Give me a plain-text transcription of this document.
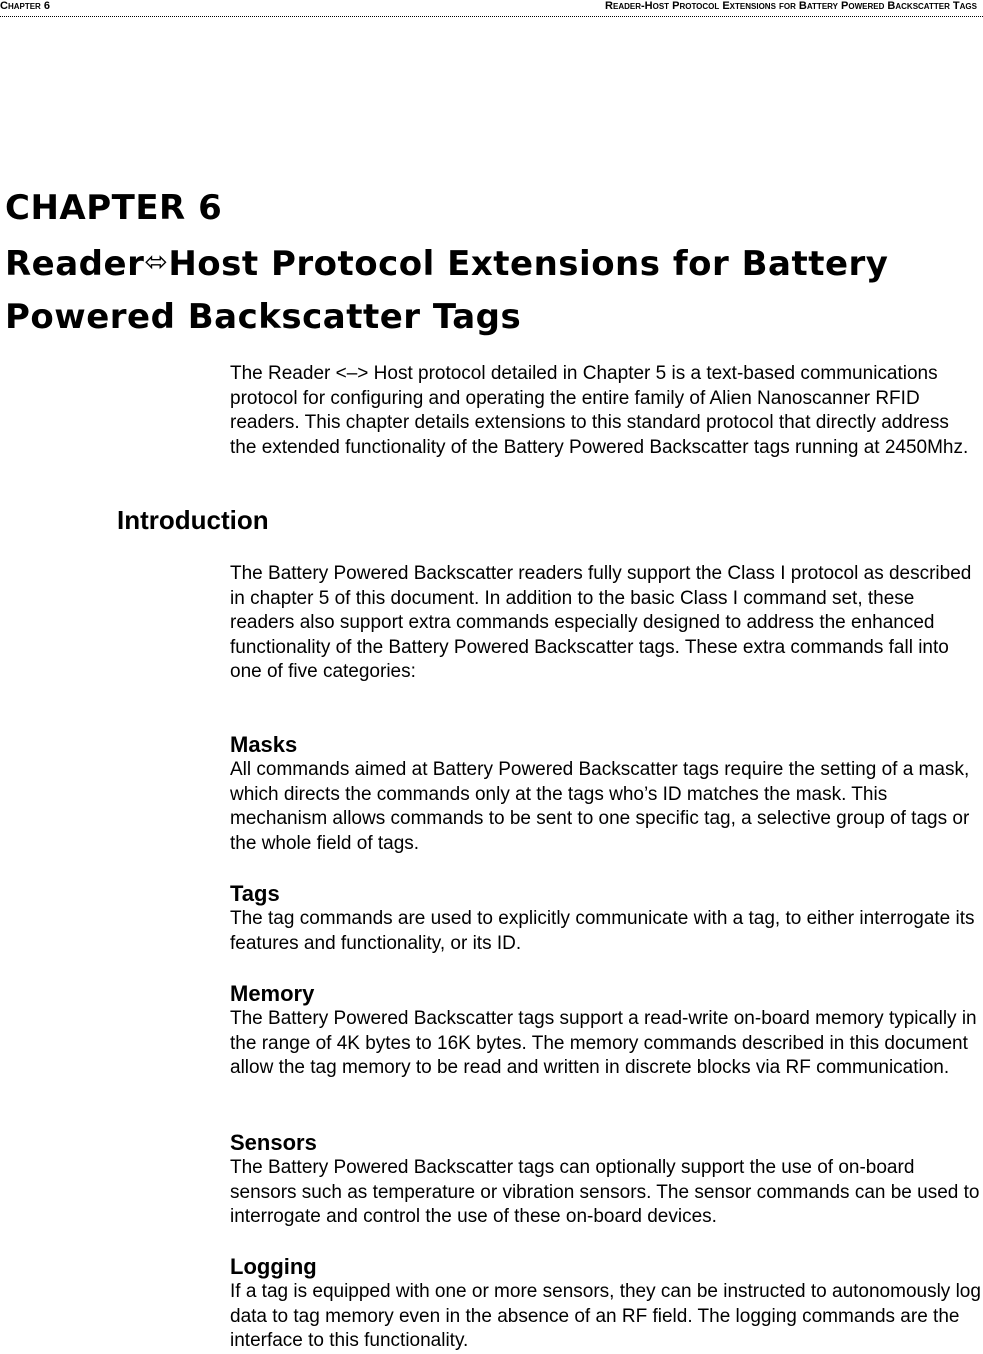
Chapter 6	Reader-Host Protocol Extensions for Battery Powered Backscatter Tags
CHAPTER 6
Reader⬄Host Protocol Extensions for Battery
Powered Backscatter Tags

The Reader <–> Host protocol detailed in Chapter 5 is a text-based communications protocol for configuring and operating the entire family of Alien Nanoscanner RFID readers. This chapter details extensions to this standard protocol that directly address the extended functionality of the Battery Powered Backscatter tags running at 2450Mhz.

Introduction

The Battery Powered Backscatter readers fully support the Class I protocol as described in chapter 5 of this document. In addition to the basic Class I command set, these readers also support extra commands especially designed to address the enhanced functionality of the Battery Powered Backscatter tags. These extra commands fall into one of five categories:

Masks

All commands aimed at Battery Powered Backscatter tags require the setting of a mask, which directs the commands only at the tags who’s ID matches the mask. This mechanism allows commands to be sent to one specific tag, a selective group of tags or the whole field of tags.

Tags

The tag commands are used to explicitly communicate with a tag, to either interrogate its features and functionality, or its ID.

Memory

The Battery Powered Backscatter tags support a read-write on-board memory typically in the range of 4K bytes to 16K bytes. The memory commands described in this document allow the tag memory to be read and written in discrete blocks via RF communication.

Sensors

The Battery Powered Backscatter tags can optionally support the use of on-board sensors such as temperature or vibration sensors. The sensor commands can be used to interrogate and control the use of these on-board devices.

Logging

If a tag is equipped with one or more sensors, they can be instructed to autonomously log data to tag memory even in the absence of an RF field. The logging commands are the interface to this functionality.
